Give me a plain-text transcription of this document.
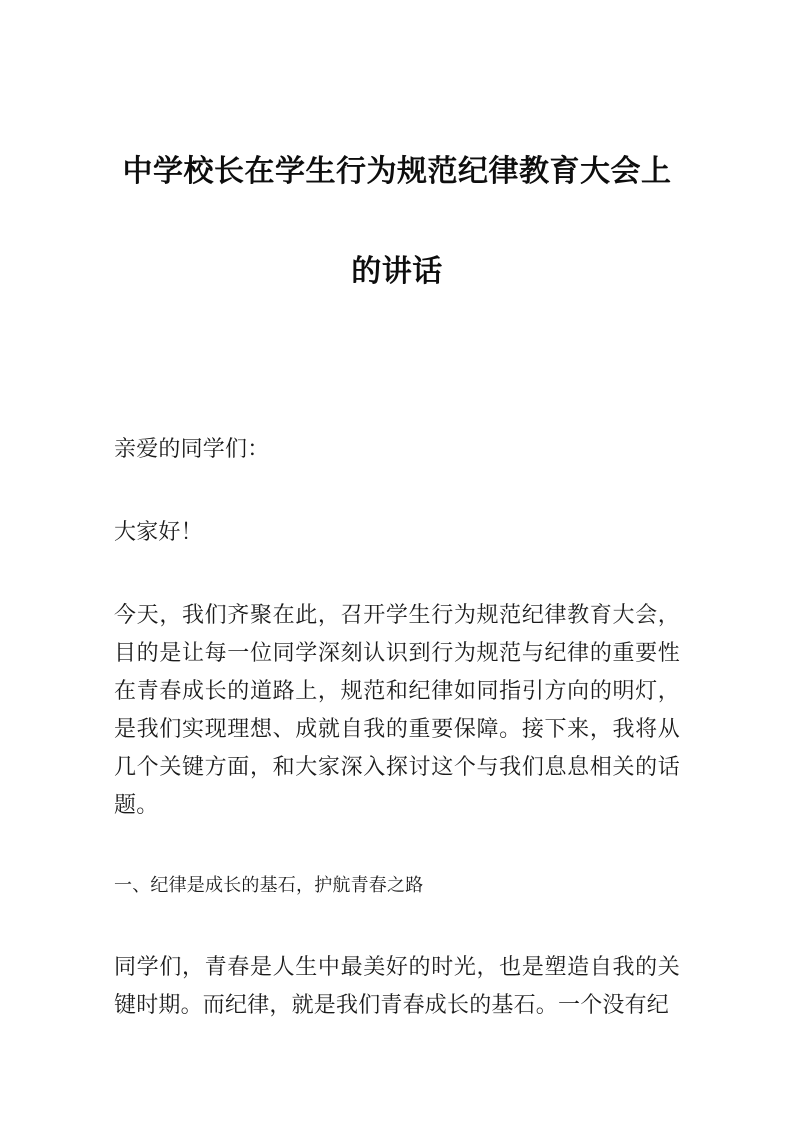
中学校长在学生行为规范纪律教育大会上
的讲话

亲爱的同学们：

大家好！

今天，我们齐聚在此，召开学生行为规范纪律教育大会，目的是让每一位同学深刻认识到行为规范与纪律的重要性在青春成长的道路上，规范和纪律如同指引方向的明灯，是我们实现理想、成就自我的重要保障。接下来，我将从几个关键方面，和大家深入探讨这个与我们息息相关的话题。

一、纪律是成长的基石，护航青春之路

同学们，青春是人生中最美好的时光，也是塑造自我的关键时期。而纪律，就是我们青春成长的基石。一个没有纪
